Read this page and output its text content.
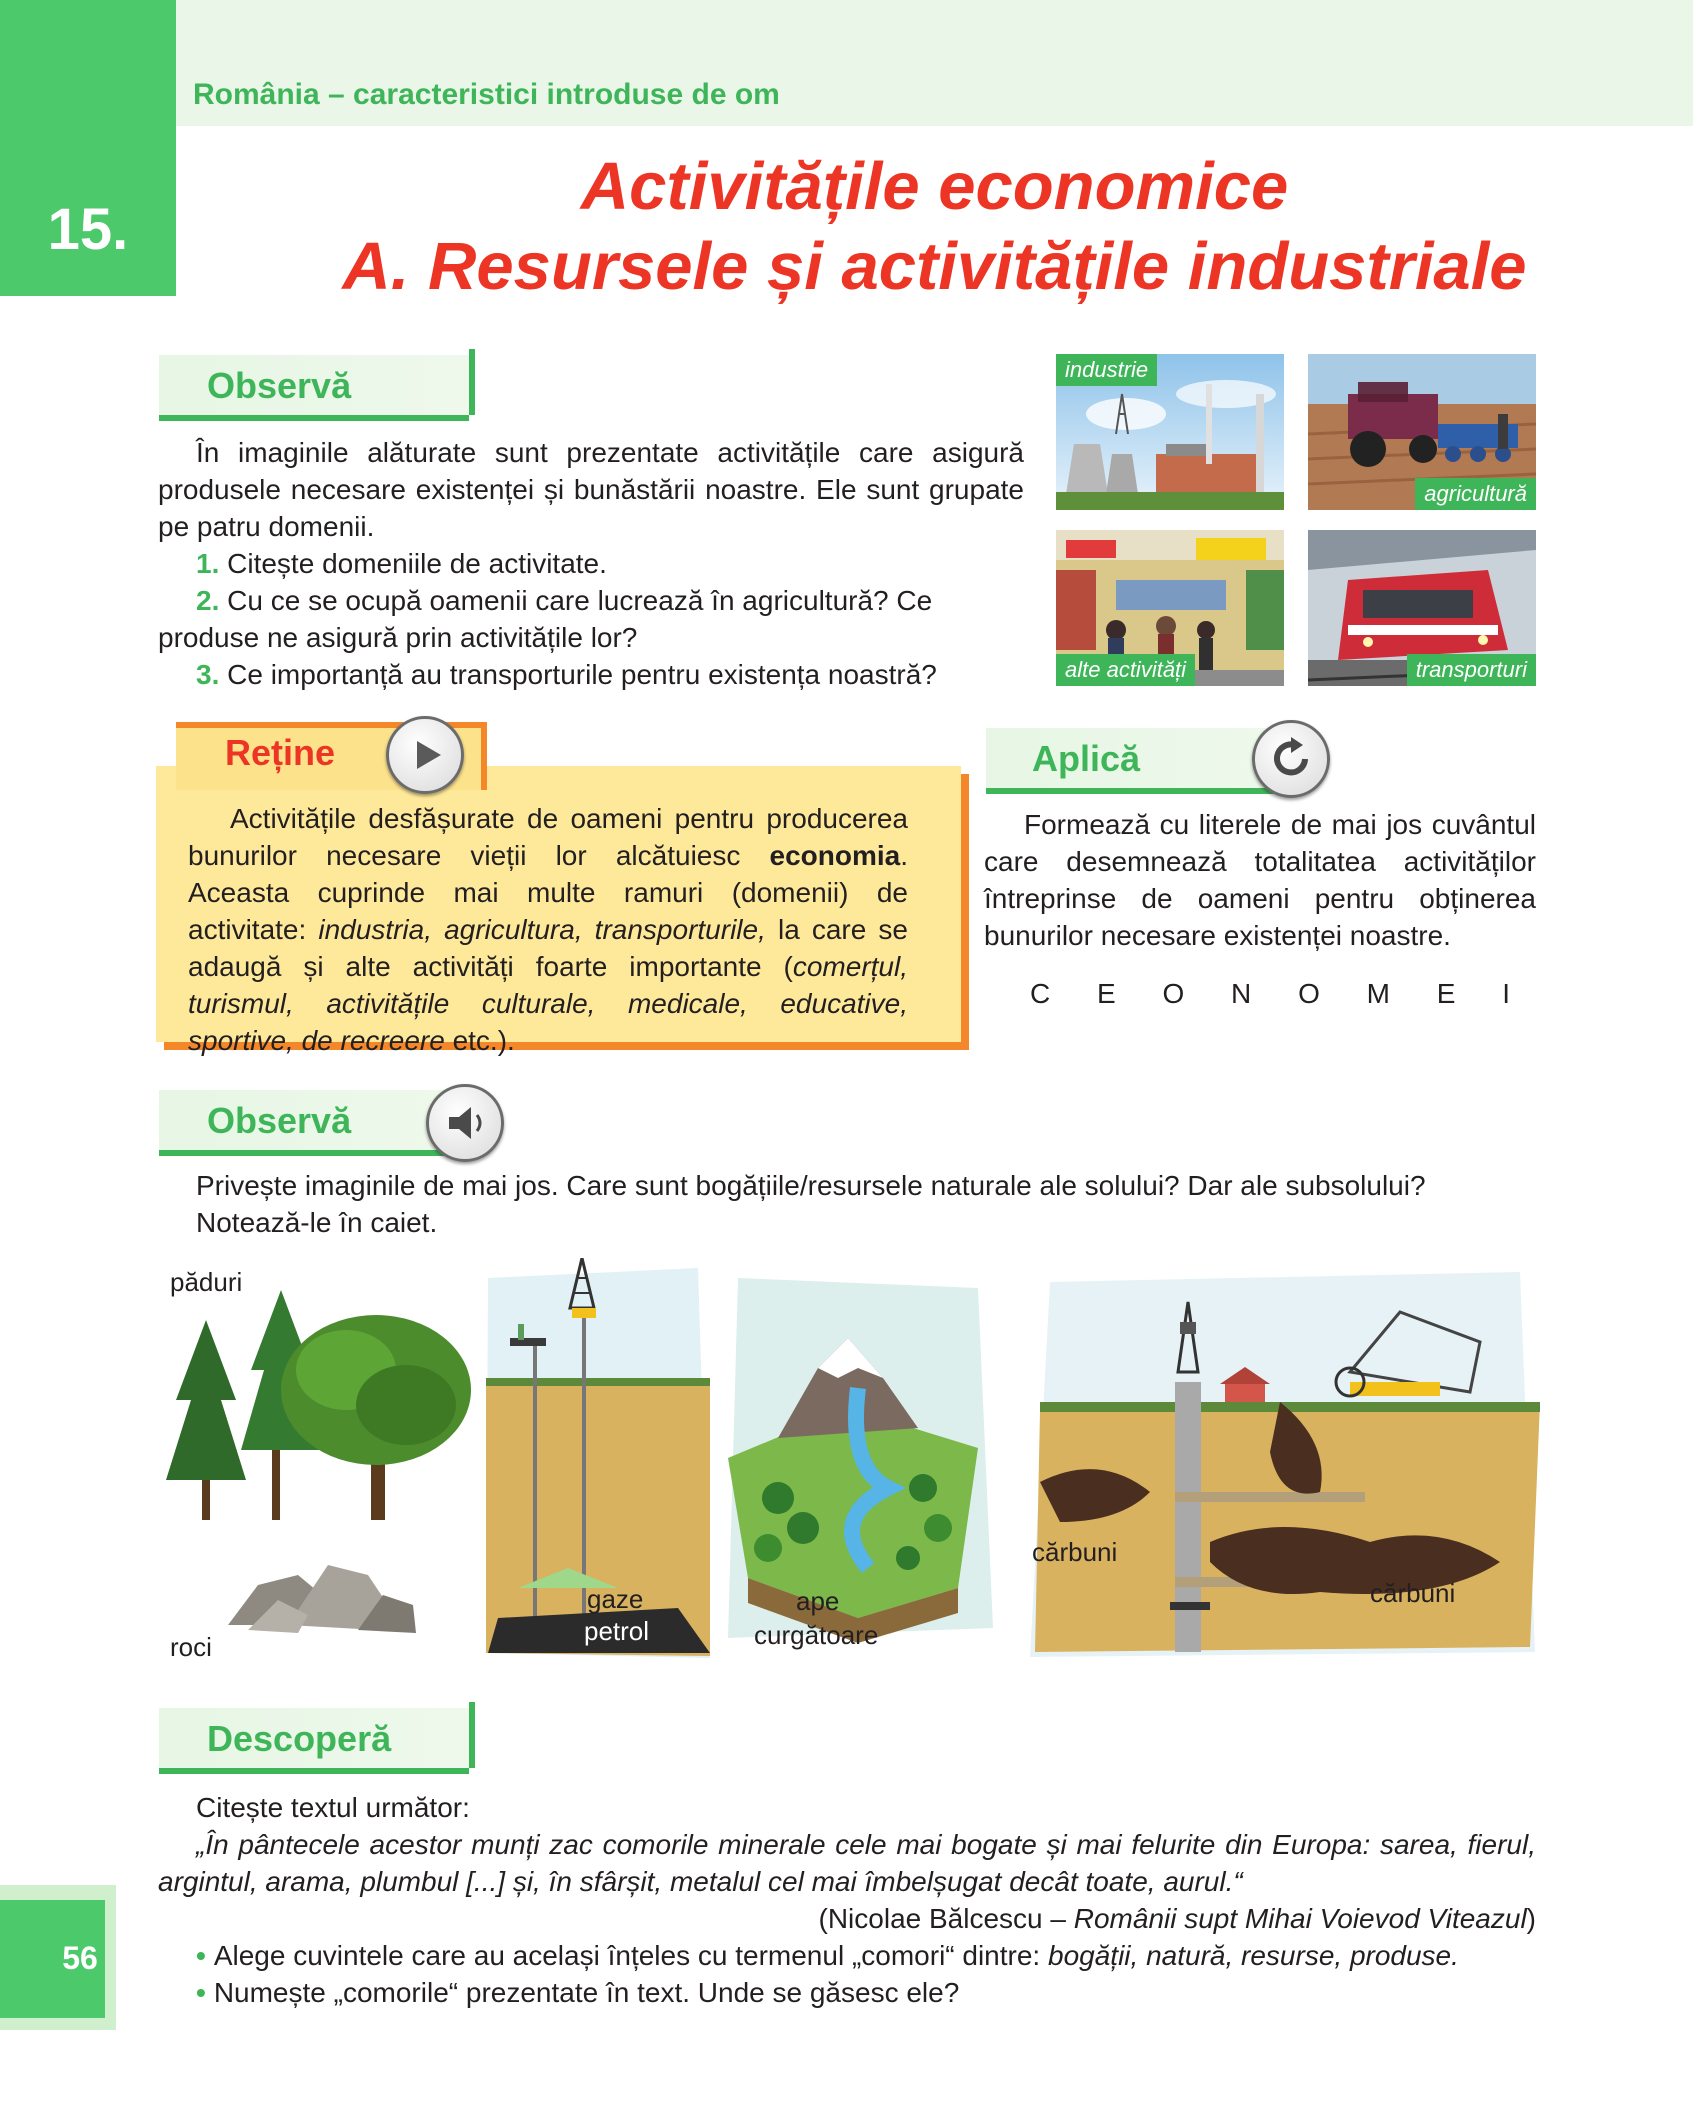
15.
România – caracteristici introduse de om
Activitățile economice
A. Resursele și activitățile industriale
Observă
În imaginile alăturate sunt prezentate activitățile care asigură produsele necesare existenței și bunăstării noastre. Ele sunt grupate pe patru domenii.
1. Citește domeniile de activitate.
2. Cu ce se ocupă oamenii care lucrează în agricultură? Ce produse ne asigură prin activitățile lor?
3. Ce importanță au transporturile pentru existența noastră?
industrie
agricultură
alte activități	transporturi
Reține
Activitățile desfășurate de oameni pentru producerea bunurilor necesare vieții lor alcătuiesc economia. Aceasta cuprinde mai multe ramuri (domenii) de activitate: industria, agricultura, transporturile, la care se adaugă și alte activități foarte importante (comerțul, turismul, activitățile culturale, medicale, educative, sportive, de recreere etc.).
Aplică
Formează cu literele de mai jos cuvântul care desemnează totalitatea activităților întreprinse de oameni pentru obținerea bunurilor necesare existenței noastre.
C E O N O M E I
Observă
Privește imaginile de mai jos. Care sunt bogățiile/resursele naturale ale solului? Dar ale subsolului?
Notează-le în caiet.
păduri
roci
gaze
petrol
ape
curgătoare
cărbuni
cărbuni
Descoperă
Citește textul următor:
„În pântecele acestor munți zac comorile minerale cele mai bogate și mai felurite din Europa: sarea, fierul, argintul, arama, plumbul [...] și, în sfârșit, metalul cel mai îmbelșugat decât toate, aurul.“
(Nicolae Bălcescu – Românii supt Mihai Voievod Viteazul)
• Alege cuvintele care au același înțeles cu termenul „comori“ dintre: bogății, natură, resurse, produse.
• Numește „comorile“ prezentate în text. Unde se găsesc ele?
56
